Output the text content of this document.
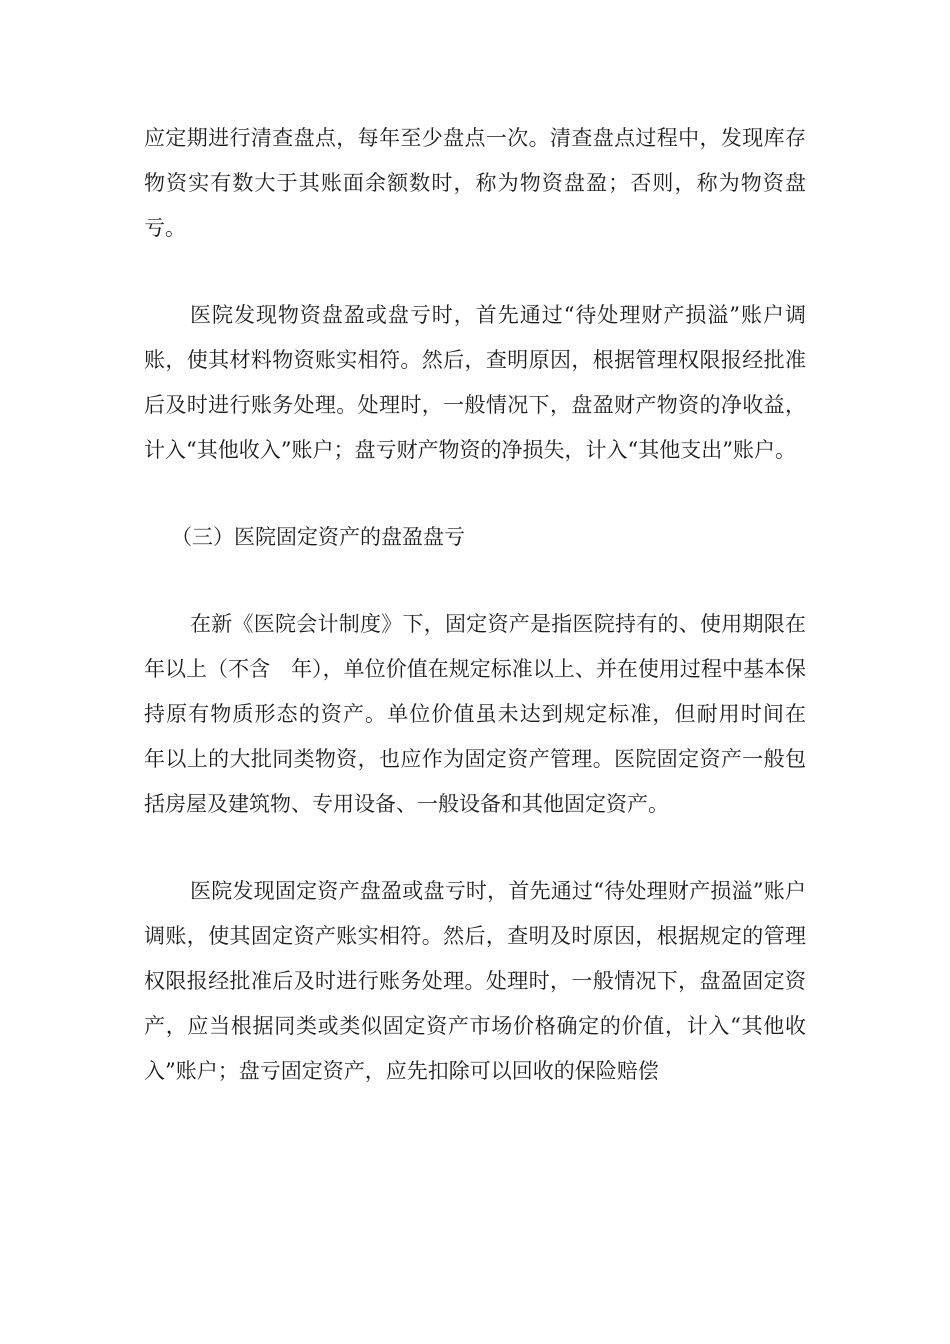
应定期进行清查盘点，每年至少盘点一次。清查盘点过程中，发现库存物资实有数大于其账面余额数时，称为物资盘盈；否则，称为物资盘亏。

医院发现物资盘盈或盘亏时，首先通过“待处理财产损溢”账户调账，使其材料物资账实相符。然后，查明原因，根据管理权限报经批准后及时进行账务处理。处理时，一般情况下，盘盈财产物资的净收益，计入“其他收入”账户；盘亏财产物资的净损失，计入“其他支出”账户。

（三）医院固定资产的盘盈盘亏

在新《医院会计制度》下，固定资产是指医院持有的、使用期限在　年以上（不含　年），单位价值在规定标准以上、并在使用过程中基本保持原有物质形态的资产。单位价值虽未达到规定标准，但耐用时间在　年以上的大批同类物资，也应作为固定资产管理。医院固定资产一般包括房屋及建筑物、专用设备、一般设备和其他固定资产。

医院发现固定资产盘盈或盘亏时，首先通过“待处理财产损溢”账户调账，使其固定资产账实相符。然后，查明及时原因，根据规定的管理权限报经批准后及时进行账务处理。处理时，一般情况下，盘盈固定资产，应当根据同类或类似固定资产市场价格确定的价值，计入“其他收入”账户；盘亏固定资产，应先扣除可以回收的保险赔偿
